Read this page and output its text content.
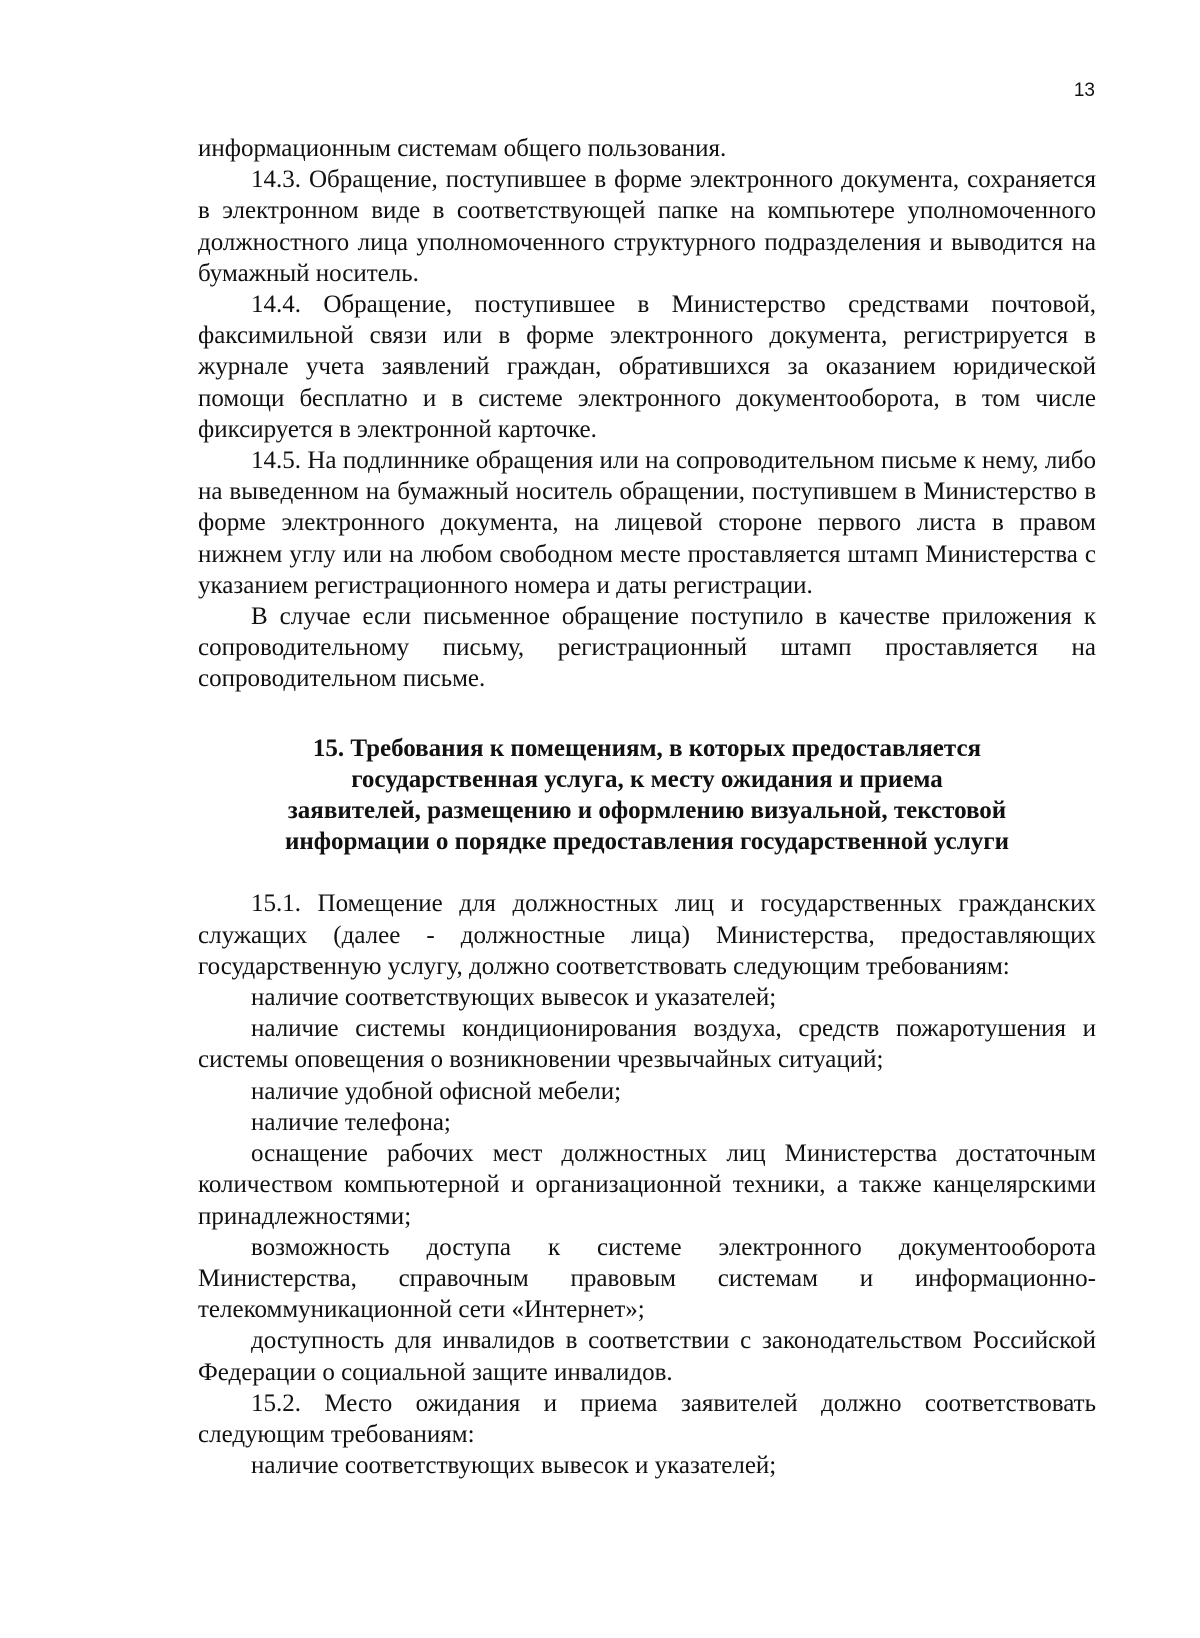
13

информационным системам общего пользования.

14.3. Обращение, поступившее в форме электронного документа, сохраняется в электронном виде в соответствующей папке на компьютере уполномоченного должностного лица уполномоченного структурного подразделения и выводится на бумажный носитель.

14.4. Обращение, поступившее в Министерство средствами почтовой, факсимильной связи или в форме электронного документа, регистрируется в журнале учета заявлений граждан, обратившихся за оказанием юридической помощи бесплатно и в системе электронного документооборота, в том числе фиксируется в электронной карточке.

14.5. На подлиннике обращения или на сопроводительном письме к нему, либо на выведенном на бумажный носитель обращении, поступившем в Министерство в форме электронного документа, на лицевой стороне первого листа в правом нижнем углу или на любом свободном месте проставляется штамп Министерства с указанием регистрационного номера и даты регистрации.

В случае если письменное обращение поступило в качестве приложения к сопроводительному письму, регистрационный штамп проставляется на сопроводительном письме.

15. Требования к помещениям, в которых предоставляется
государственная услуга, к месту ожидания и приема
заявителей, размещению и оформлению визуальной, текстовой
информации о порядке предоставления государственной услуги

15.1. Помещение для должностных лиц и государственных гражданских служащих (далее - должностные лица) Министерства, предоставляющих государственную услугу, должно соответствовать следующим требованиям:

наличие соответствующих вывесок и указателей;

наличие системы кондиционирования воздуха, средств пожаротушения и системы оповещения о возникновении чрезвычайных ситуаций;

наличие удобной офисной мебели;

наличие телефона;

оснащение рабочих мест должностных лиц Министерства достаточным количеством компьютерной и организационной техники, а также канцелярскими принадлежностями;

возможность доступа к системе электронного документооборота Министерства, справочным правовым системам и информационно-телекоммуникационной сети «Интернет»;

доступность для инвалидов в соответствии с законодательством Российской Федерации о социальной защите инвалидов.

15.2. Место ожидания и приема заявителей должно соответствовать следующим требованиям:

наличие соответствующих вывесок и указателей;
